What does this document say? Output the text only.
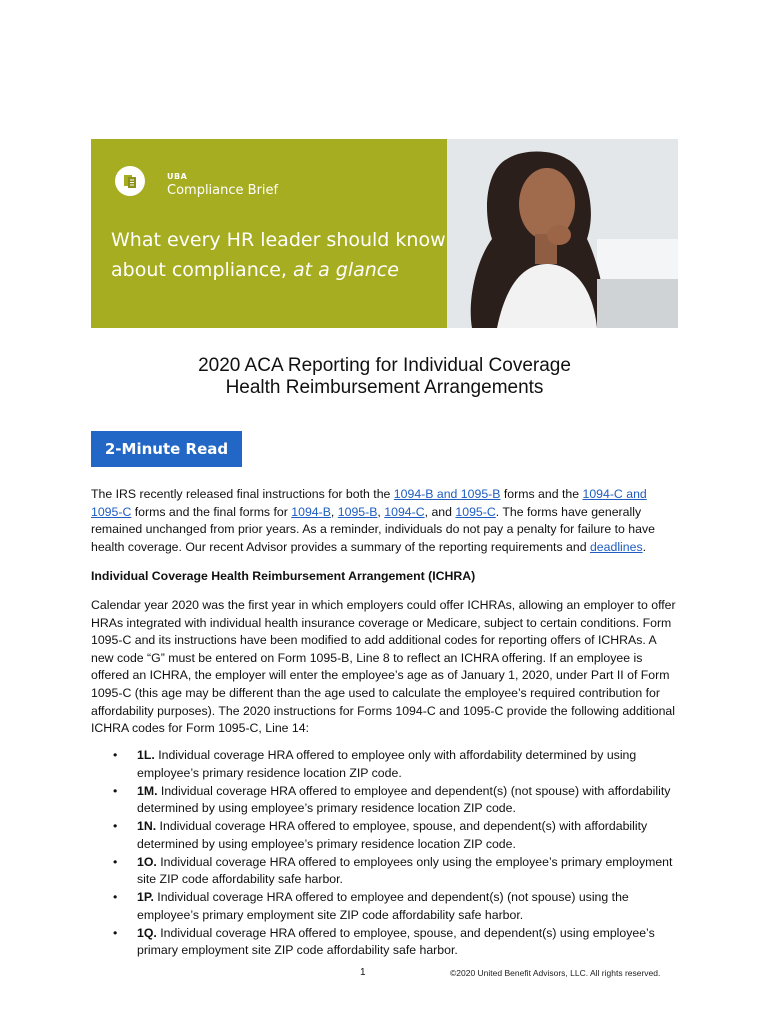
UBA
Compliance Brief
What every HR leader should know
about compliance, at a glance
2020 ACA Reporting for Individual Coverage
Health Reimbursement Arrangements
2-Minute Read
The IRS recently released final instructions for both the 1094-B and 1095-B forms and the 1094-C and 1095-C forms and the final forms for 1094-B, 1095-B, 1094-C, and 1095-C. The forms have generally remained unchanged from prior years. As a reminder, individuals do not pay a penalty for failure to have health coverage. Our recent Advisor provides a summary of the reporting requirements and deadlines.
Individual Coverage Health Reimbursement Arrangement (ICHRA)
Calendar year 2020 was the first year in which employers could offer ICHRAs, allowing an employer to offer HRAs integrated with individual health insurance coverage or Medicare, subject to certain conditions. Form 1095-C and its instructions have been modified to add additional codes for reporting offers of ICHRAs. A new code “G” must be entered on Form 1095-B, Line 8 to reflect an ICHRA offering. If an employee is offered an ICHRA, the employer will enter the employee’s age as of January 1, 2020, under Part II of Form 1095-C (this age may be different than the age used to calculate the employee’s required contribution for affordability purposes). The 2020 instructions for Forms 1094-C and 1095-C provide the following additional ICHRA codes for Form 1095-C, Line 14:
• 1L. Individual coverage HRA offered to employee only with affordability determined by using employee’s primary residence location ZIP code.
• 1M. Individual coverage HRA offered to employee and dependent(s) (not spouse) with affordability determined by using employee’s primary residence location ZIP code.
• 1N. Individual coverage HRA offered to employee, spouse, and dependent(s) with affordability determined by using employee’s primary residence location ZIP code.
• 1O. Individual coverage HRA offered to employees only using the employee’s primary employment site ZIP code affordability safe harbor.
• 1P. Individual coverage HRA offered to employee and dependent(s) (not spouse) using the employee’s primary employment site ZIP code affordability safe harbor.
• 1Q. Individual coverage HRA offered to employee, spouse, and dependent(s) using employee’s primary employment site ZIP code affordability safe harbor.
1	©2020 United Benefit Advisors, LLC. All rights reserved.
